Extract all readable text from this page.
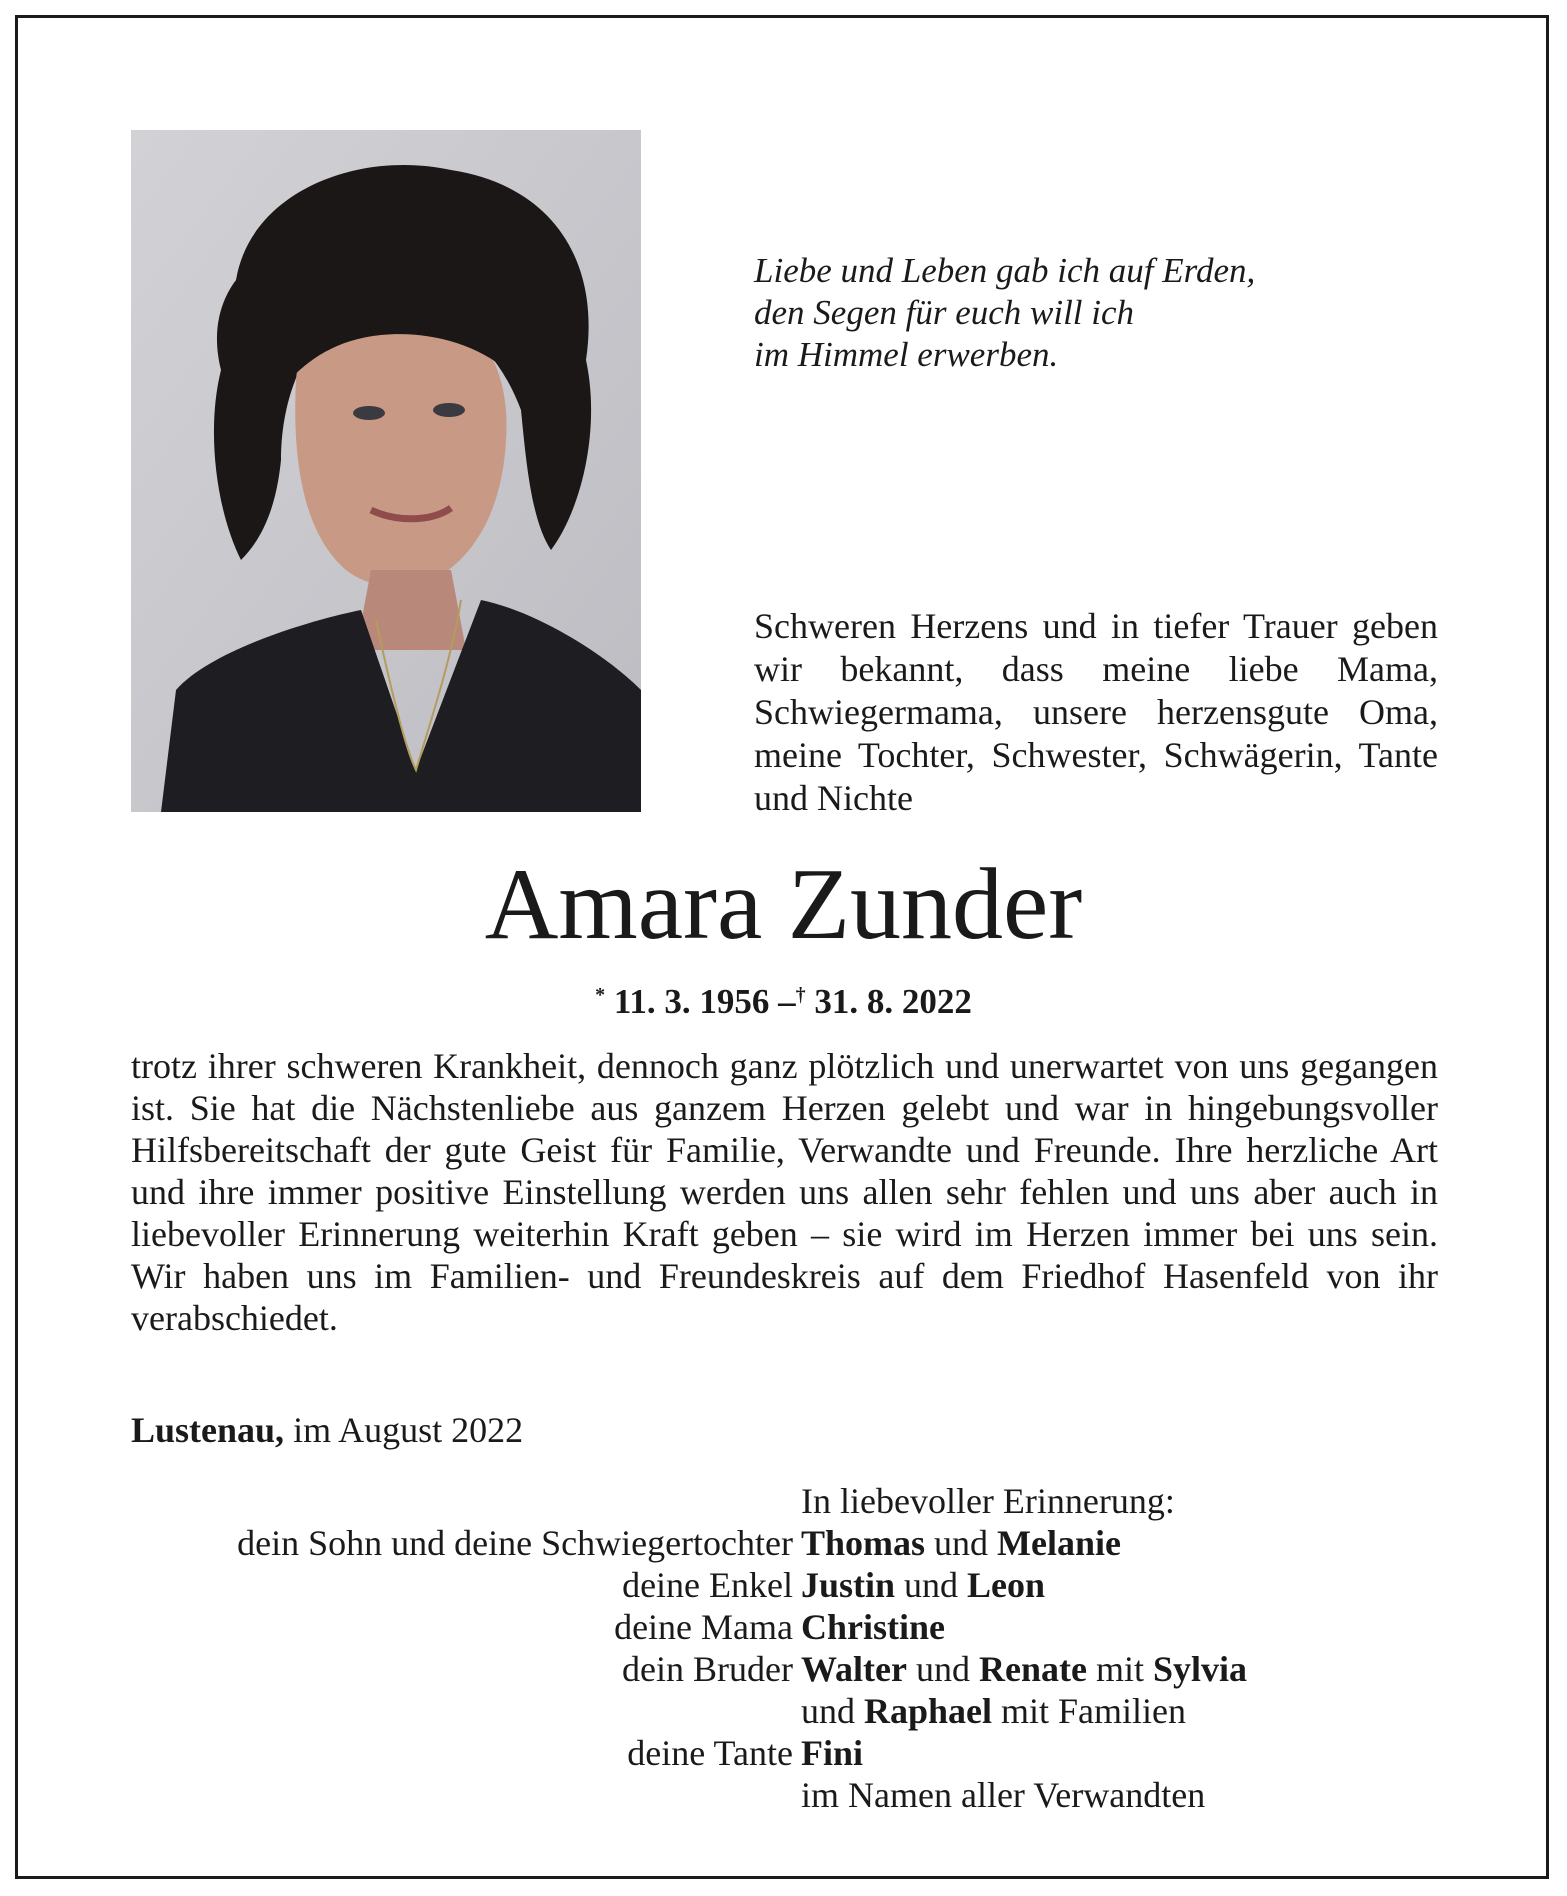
Liebe und Leben gab ich auf Erden,
den Segen für euch will ich
im Himmel erwerben.
Schweren Herzens und in tiefer Trauer geben wir bekannt, dass meine liebe Mama, Schwiegermama, unsere herzensgute Oma, meine Tochter, Schwester, Schwägerin, Tante und Nichte
Amara Zunder
* 11. 3. 1956 –† 31. 8. 2022
trotz ihrer schweren Krankheit, dennoch ganz plötzlich und unerwartet von uns gegangen ist. Sie hat die Nächstenliebe aus ganzem Herzen gelebt und war in hingebungsvoller Hilfsbereitschaft der gute Geist für Familie, Verwandte und Freunde. Ihre herzliche Art und ihre immer positive Einstellung werden uns allen sehr fehlen und uns aber auch in liebevoller Erinnerung weiterhin Kraft geben – sie wird im Herzen immer bei uns sein. Wir haben uns im Familien- und Freundeskreis auf dem Friedhof Hasenfeld von ihr verabschiedet.
Lustenau, im August 2022
In liebevoller Erinnerung:
dein Sohn und deine Schwiegertochter Thomas und Melanie
deine Enkel Justin und Leon
deine Mama Christine
dein Bruder Walter und Renate mit Sylvia
und Raphael mit Familien
deine Tante Fini
im Namen aller Verwandten
